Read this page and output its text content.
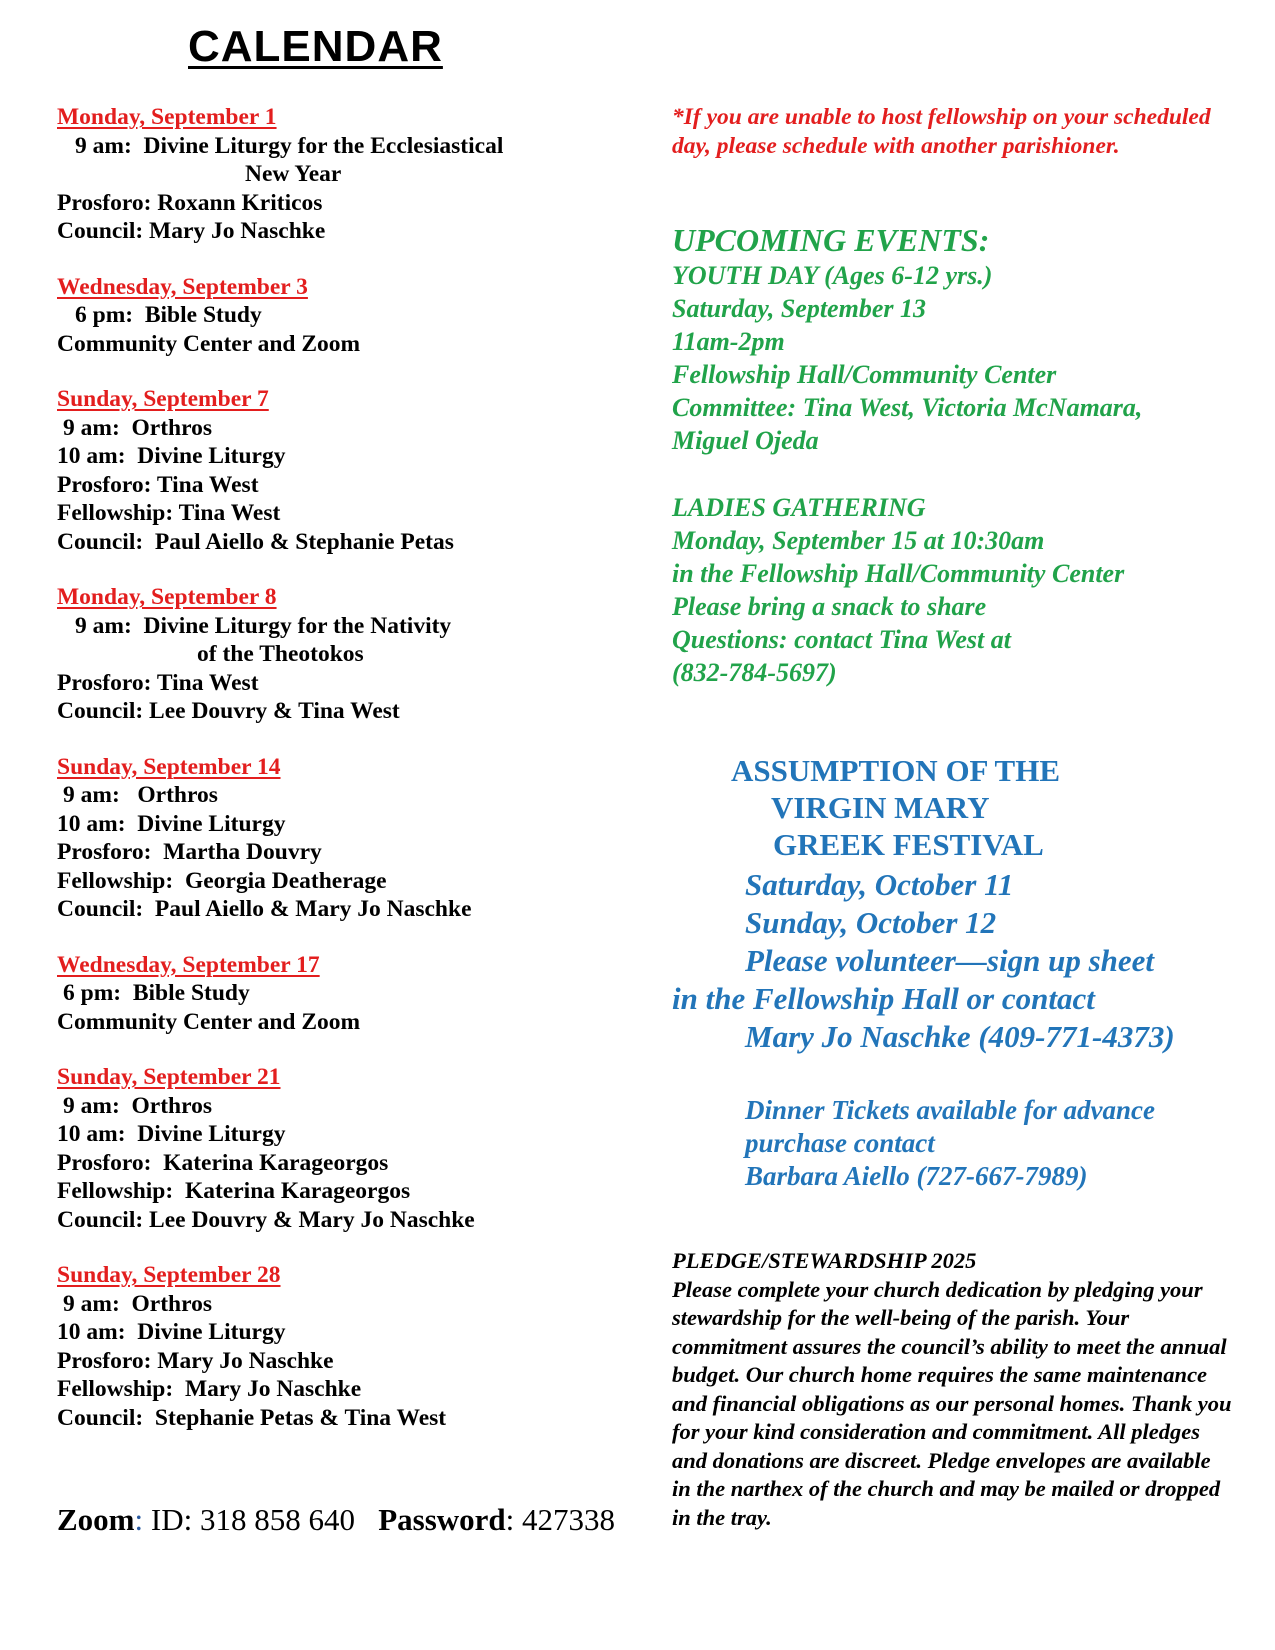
CALENDAR
Monday, September 1
9 am:  Divine Liturgy for the Ecclesiastical
New Year
Prosforo: Roxann Kriticos
Council: Mary Jo Naschke
Wednesday, September 3
6 pm:  Bible Study
Community Center and Zoom
Sunday, September 7
9 am:  Orthros
10 am:  Divine Liturgy
Prosforo: Tina West
Fellowship: Tina West
Council:  Paul Aiello & Stephanie Petas
Monday, September 8
9 am:  Divine Liturgy for the Nativity
of the Theotokos
Prosforo: Tina West
Council: Lee Douvry & Tina West
Sunday, September 14
9 am:   Orthros
10 am:  Divine Liturgy
Prosforo:  Martha Douvry
Fellowship:  Georgia Deatherage
Council:  Paul Aiello & Mary Jo Naschke
Wednesday, September 17
6 pm:  Bible Study
Community Center and Zoom
Sunday, September 21
9 am:  Orthros
10 am:  Divine Liturgy
Prosforo:  Katerina Karageorgos
Fellowship:  Katerina Karageorgos
Council: Lee Douvry & Mary Jo Naschke
Sunday, September 28
9 am:  Orthros
10 am:  Divine Liturgy
Prosforo: Mary Jo Naschke
Fellowship:  Mary Jo Naschke
Council:  Stephanie Petas & Tina West
Zoom: ID: 318 858 640 Password: 427338
*If you are unable to host fellowship on your scheduled day, please schedule with another parishioner.
UPCOMING EVENTS:
YOUTH DAY (Ages 6-12 yrs.)
Saturday, September 13
11am-2pm
Fellowship Hall/Community Center
Committee: Tina West, Victoria McNamara,
Miguel Ojeda
LADIES GATHERING
Monday, September 15 at 10:30am
in the Fellowship Hall/Community Center
Please bring a snack to share
Questions: contact Tina West at
(832-784-5697)
ASSUMPTION OF THE
VIRGIN MARY
GREEK FESTIVAL
Saturday, October 11
Sunday, October 12
Please volunteer—sign up sheet
in the Fellowship Hall or contact
Mary Jo Naschke (409-771-4373)
Dinner Tickets available for advance
purchase contact
Barbara Aiello (727-667-7989)
PLEDGE/STEWARDSHIP 2025
Please complete your church dedication by pledging your stewardship for the well-being of the parish. Your commitment assures the council’s ability to meet the annual budget. Our church home requires the same maintenance and financial obligations as our personal homes. Thank you for your kind consideration and commitment. All pledges and donations are discreet. Pledge envelopes are available in the narthex of the church and may be mailed or dropped in the tray.
